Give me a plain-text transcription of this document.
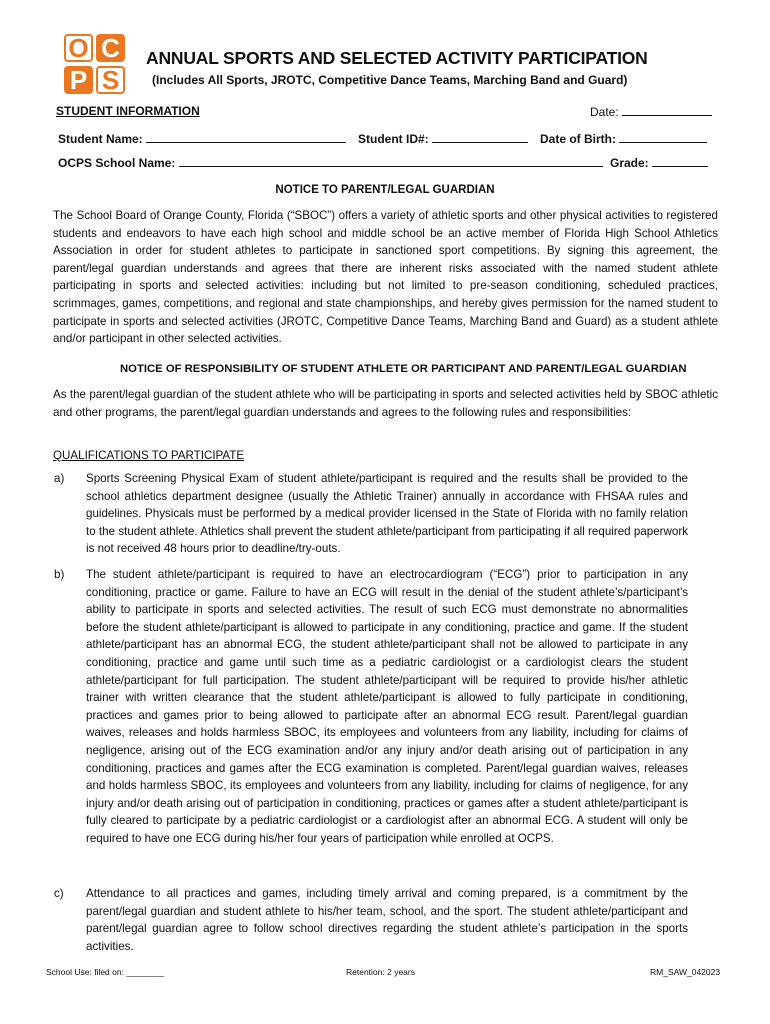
O C
P S
ANNUAL SPORTS AND SELECTED ACTIVITY PARTICIPATION
(Includes All Sports, JROTC, Competitive Dance Teams, Marching Band and Guard)
STUDENT INFORMATION	Date:
Student Name:	Student ID#:	Date of Birth:
OCPS School Name:	Grade:
NOTICE TO PARENT/LEGAL GUARDIAN

The School Board of Orange County, Florida (“SBOC”) offers a variety of athletic sports and other physical activities to registered students and endeavors to have each high school and middle school be an active member of Florida High School Athletics Association in order for student athletes to participate in sanctioned sport competitions. By signing this agreement, the parent/legal guardian understands and agrees that there are inherent risks associated with the named student athlete participating in sports and selected activities: including but not limited to pre-season conditioning, scheduled practices, scrimmages, games, competitions, and regional and state championships, and hereby gives permission for the named student to participate in sports and selected activities (JROTC, Competitive Dance Teams, Marching Band and Guard) as a student athlete and/or participant in other selected activities.

NOTICE OF RESPONSIBILITY OF STUDENT ATHLETE OR PARTICIPANT AND PARENT/LEGAL GUARDIAN

As the parent/legal guardian of the student athlete who will be participating in sports and selected activities held by SBOC athletic and other programs, the parent/legal guardian understands and agrees to the following rules and responsibilities:

QUALIFICATIONS TO PARTICIPATE
a) Sports Screening Physical Exam of student athlete/participant is required and the results shall be provided to the school athletics department designee (usually the Athletic Trainer) annually in accordance with FHSAA rules and guidelines. Physicals must be performed by a medical provider licensed in the State of Florida with no family relation to the student athlete. Athletics shall prevent the student athlete/participant from participating if all required paperwork is not received 48 hours prior to deadline/try-outs.

b) The student athlete/participant is required to have an electrocardiogram (“ECG”) prior to participation in any conditioning, practice or game. Failure to have an ECG will result in the denial of the student athlete’s/participant’s ability to participate in sports and selected activities. The result of such ECG must demonstrate no abnormalities before the student athlete/participant is allowed to participate in any conditioning, practice and game. If the student athlete/participant has an abnormal ECG, the student athlete/participant shall not be allowed to participate in any conditioning, practice and game until such time as a pediatric cardiologist or a cardiologist clears the student athlete/participant for full participation. The student athlete/participant will be required to provide his/her athletic trainer with written clearance that the student athlete/participant is allowed to fully participate in conditioning, practices and games prior to being allowed to participate after an abnormal ECG result. Parent/legal guardian waives, releases and holds harmless SBOC, its employees and volunteers from any liability, including for claims of negligence, arising out of the ECG examination and/or any injury and/or death arising out of participation in any conditioning, practices and games after the ECG examination is completed. Parent/legal guardian waives, releases and holds harmless SBOC, its employees and volunteers from any liability, including for claims of negligence, for any injury and/or death arising out of participation in conditioning, practices or games after a student athlete/participant is fully cleared to participate by a pediatric cardiologist or a cardiologist after an abnormal ECG. A student will only be required to have one ECG during his/her four years of participation while enrolled at OCPS.

c) Attendance to all practices and games, including timely arrival and coming prepared, is a commitment by the parent/legal guardian and student athlete to his/her team, school, and the sport. The student athlete/participant and parent/legal guardian agree to follow school directives regarding the student athlete’s participation in the sports activities.

School Use: filed on: ________	Retention: 2 years	RM_SAW_042023
